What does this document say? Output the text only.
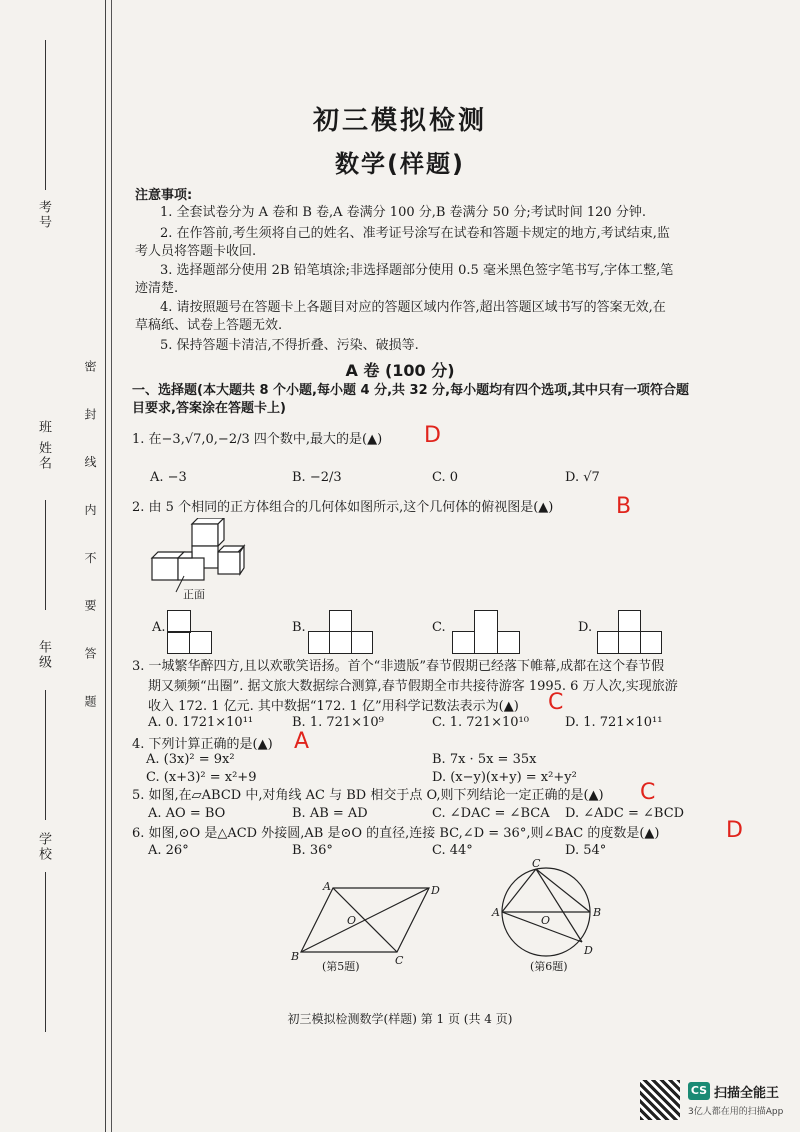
考号
班 姓名
年级
学校
密 封 线 内 不 要 答 题
初三模拟检测
数学(样题)
注意事项:
1. 全套试卷分为 A 卷和 B 卷,A 卷满分 100 分,B 卷满分 50 分;考试时间 120 分钟.
2. 在作答前,考生须将自己的姓名、准考证号涂写在试卷和答题卡规定的地方,考试结束,监
考人员将答题卡收回.
3. 选择题部分使用 2B 铅笔填涂;非选择题部分使用 0.5 毫米黑色签字笔书写,字体工整,笔
迹清楚.
4. 请按照题号在答题卡上各题目对应的答题区域内作答,超出答题区域书写的答案无效,在
草稿纸、试卷上答题无效.
5. 保持答题卡清洁,不得折叠、污染、破损等.
A 卷 (100 分)
一、选择题(本大题共 8 个小题,每小题 4 分,共 32 分,每小题均有四个选项,其中只有一项符合题
目要求,答案涂在答题卡上)
1. 在−3,√7,0,−2/3 四个数中,最大的是(▲) D
A. −3	B. −2/3	C. 0	D. √7
2. 由 5 个相同的正方体组合的几何体如图所示,这个几何体的俯视图是(▲)	B
正面
A.	B.	C.	D.
3. 一城繁华醉四方,且以欢歌笑语扬。首个“非遗版”春节假期已经落下帷幕,成都在这个春节假
期又频频“出圈”. 据文旅大数据综合测算,春节假期全市共接待游客 1995. 6 万人次,实现旅游
收入 172. 1 亿元. 其中数据“172. 1 亿”用科学记数法表示为(▲) C
A. 0. 1721×10¹¹	B. 1. 721×10⁹	C. 1. 721×10¹⁰	D. 1. 721×10¹¹
4. 下列计算正确的是(▲) A
A. (3x)² = 9x²	B. 7x · 5x = 35x
C. (x+3)² = x²+9	D. (x−y)(x+y) = x²+y²
5. 如图,在▱ABCD 中,对角线 AC 与 BD 相交于点 O,则下列结论一定正确的是(▲) C
A. AO = BO	B. AB = AD	C. ∠DAC = ∠BCA D. ∠ADC = ∠BCD
6. 如图,⊙O 是△ACD 外接圆,AB 是⊙O 的直径,连接 BC,∠D = 36°,则∠BAC 的度数是(▲)	D
A. 26°	B. 36°	C. 44°	D. 54°
A	D
B	C
O
(第5题)
C
A	B
D
O
(第6题)
初三模拟检测数学(样题) 第 1 页 (共 4 页)
CS 扫描全能王
3亿人都在用的扫描App
